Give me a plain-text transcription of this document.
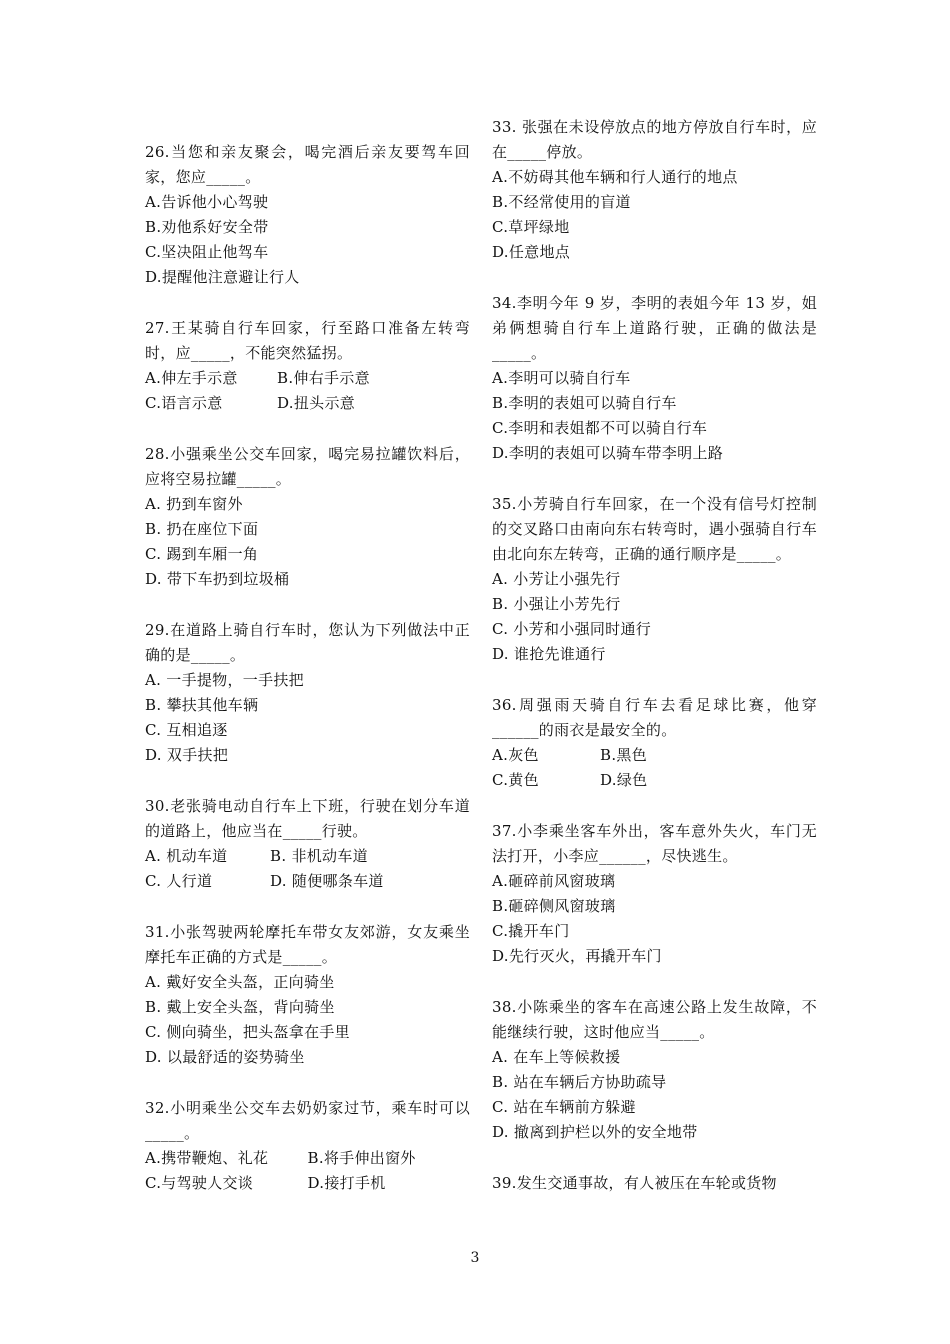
26.当您和亲友聚会，喝完酒后亲友要驾车回家，您应_____。

A.告诉他小心驾驶

B.劝他系好安全带

C.坚决阻止他驾车

D.提醒他注意避让行人

27.王某骑自行车回家，行至路口准备左转弯时，应_____，不能突然猛拐。

A.伸左手示意	B.伸右手示意
C.语言示意	D.扭头示意

28.小强乘坐公交车回家，喝完易拉罐饮料后，应将空易拉罐_____。

A. 扔到车窗外

B. 扔在座位下面

C. 踢到车厢一角

D. 带下车扔到垃圾桶

29.在道路上骑自行车时，您认为下列做法中正确的是_____。

A. 一手提物，一手扶把

B. 攀扶其他车辆

C. 互相追逐

D. 双手扶把

30.老张骑电动自行车上下班，行驶在划分车道的道路上，他应当在_____行驶。

A. 机动车道	B. 非机动车道
C. 人行道	D. 随便哪条车道

31.小张驾驶两轮摩托车带女友郊游，女友乘坐摩托车正确的方式是_____。

A. 戴好安全头盔，正向骑坐

B. 戴上安全头盔，背向骑坐

C. 侧向骑坐，把头盔拿在手里

D. 以最舒适的姿势骑坐

32.小明乘坐公交车去奶奶家过节，乘车时可以_____。

A.携带鞭炮、礼花	B.将手伸出窗外
C.与驾驶人交谈	D.接打手机

33. 张强在未设停放点的地方停放自行车时，应在_____停放。

A.不妨碍其他车辆和行人通行的地点

B.不经常使用的盲道

C.草坪绿地

D.任意地点

34.李明今年 9 岁，李明的表姐今年 13 岁，姐弟俩想骑自行车上道路行驶，正确的做法是_____。

A.李明可以骑自行车

B.李明的表姐可以骑自行车

C.李明和表姐都不可以骑自行车

D.李明的表姐可以骑车带李明上路

35.小芳骑自行车回家，在一个没有信号灯控制的交叉路口由南向东右转弯时，遇小强骑自行车由北向东左转弯，正确的通行顺序是_____。

A. 小芳让小强先行

B. 小强让小芳先行

C. 小芳和小强同时通行

D. 谁抢先谁通行

36.周强雨天骑自行车去看足球比赛，他穿______的雨衣是最安全的。

A.灰色	B.黑色
C.黄色	D.绿色

37.小李乘坐客车外出，客车意外失火，车门无法打开，小李应______，尽快逃生。

A.砸碎前风窗玻璃

B.砸碎侧风窗玻璃

C.撬开车门

D.先行灭火，再撬开车门

38.小陈乘坐的客车在高速公路上发生故障，不能继续行驶，这时他应当_____。

A. 在车上等候救援

B. 站在车辆后方协助疏导

C. 站在车辆前方躲避

D. 撤离到护栏以外的安全地带

39.发生交通事故，有人被压在车轮或货物

3
